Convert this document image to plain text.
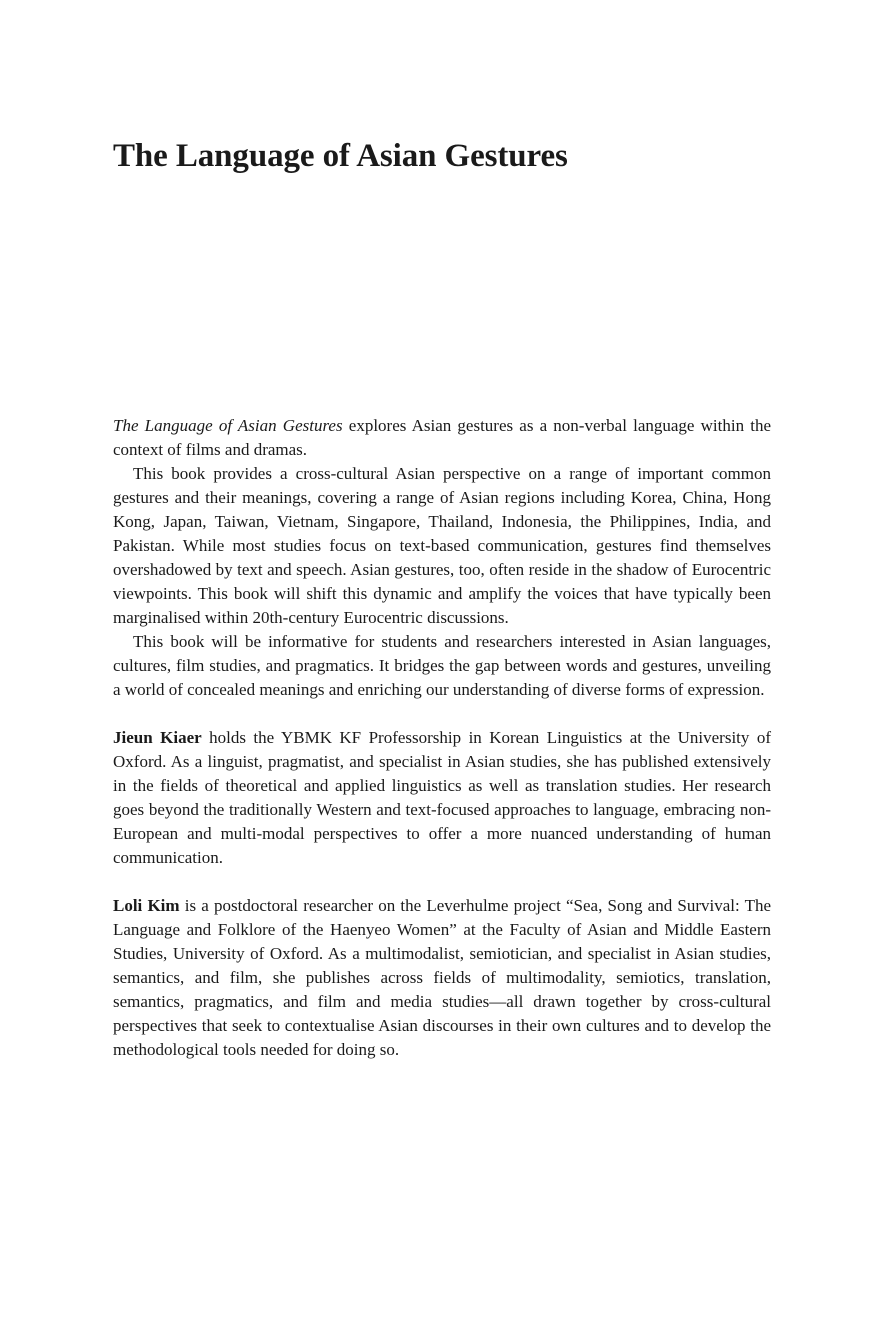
The Language of Asian Gestures

The Language of Asian Gestures explores Asian gestures as a non-verbal language within the context of films and dramas.

This book provides a cross-cultural Asian perspective on a range of important common gestures and their meanings, covering a range of Asian regions including Korea, China, Hong Kong, Japan, Taiwan, Vietnam, Singapore, Thailand, Indonesia, the Philippines, India, and Pakistan. While most studies focus on text-based communication, gestures find themselves overshadowed by text and speech. Asian gestures, too, often reside in the shadow of Eurocentric viewpoints. This book will shift this dynamic and amplify the voices that have typically been marginalised within 20th-century Eurocentric discussions.

This book will be informative for students and researchers interested in Asian languages, cultures, film studies, and pragmatics. It bridges the gap between words and gestures, unveiling a world of concealed meanings and enriching our understanding of diverse forms of expression.

Jieun Kiaer holds the YBMK KF Professorship in Korean Linguistics at the University of Oxford. As a linguist, pragmatist, and specialist in Asian studies, she has published extensively in the fields of theoretical and applied linguistics as well as translation studies. Her research goes beyond the traditionally Western and text-focused approaches to language, embracing non-European and multi-modal perspectives to offer a more nuanced understanding of human communication.

Loli Kim is a postdoctoral researcher on the Leverhulme project “Sea, Song and Survival: The Language and Folklore of the Haenyeo Women” at the Faculty of Asian and Middle Eastern Studies, University of Oxford. As a multimodalist, semiotician, and specialist in Asian studies, semantics, and film, she publishes across fields of multimodality, semiotics, translation, semantics, pragmatics, and film and media studies—all drawn together by cross-cultural perspectives that seek to contextualise Asian discourses in their own cultures and to develop the methodological tools needed for doing so.
